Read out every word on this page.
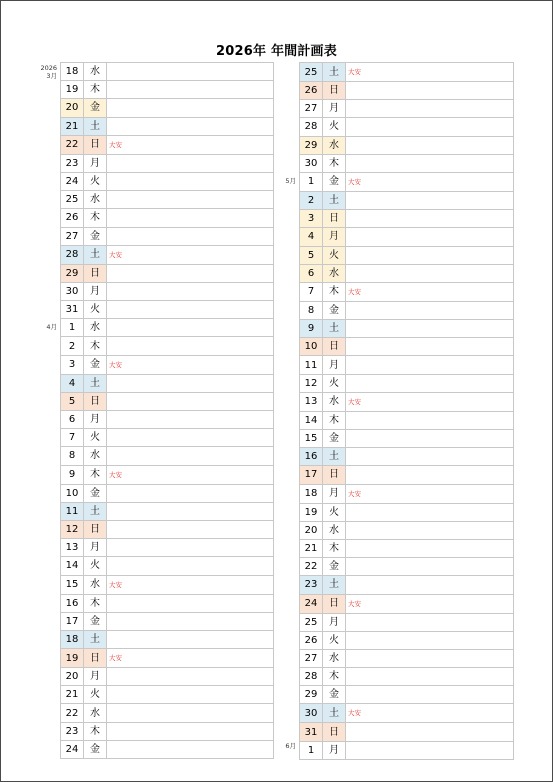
2026年 年間計画表
18	水	
19	木	
20	金	
21	土	
22	日	大安
23	月	
24	火	
25	水	
26	木	
27	金	
28	土	大安
29	日	
30	月	
31	火	
1	水	
2	木	
3	金	大安
4	土	
5	日	
6	月	
7	火	
8	水	
9	木	大安
10	金	
11	土	
12	日	
13	月	
14	火	
15	水	大安
16	木	
17	金	
18	土	
19	日	大安
20	月	
21	火	
22	水	
23	木	
24	金	
25	土	大安
26	日	
27	月	
28	火	
29	水	
30	木	
1	金	大安
2	土	
3	日	
4	月	
5	火	
6	水	
7	木	大安
8	金	
9	土	
10	日	
11	月	
12	火	
13	水	大安
14	木	
15	金	
16	土	
17	日	
18	月	大安
19	火	
20	水	
21	木	
22	金	
23	土	
24	日	大安
25	月	
26	火	
27	水	
28	木	
29	金	
30	土	大安
31	日	
1	月	
2026
3月
4月
5月
6月
